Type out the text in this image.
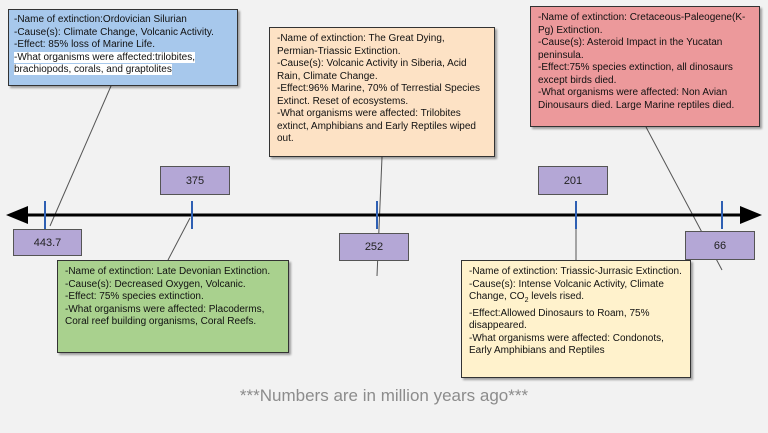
443.7
375
252
201
66
-Name of extinction:Ordovician Silurian
-Cause(s): Climate Change, Volcanic Activity.
-Effect: 85% loss of Marine Life.
-What organisms were affected:trilobites, brachiopods, corals, and graptolites
-Name of extinction: The Great Dying, Permian-Triassic Extinction.
-Cause(s): Volcanic Activity in Siberia, Acid Rain, Climate Change.
-Effect:96% Marine, 70% of Terrestial Species Extinct. Reset of ecosystems.
-What organisms were affected: Trilobites extinct, Amphibians and Early Reptiles wiped out.
-Name of extinction: Cretaceous-Paleogene(K-Pg) Extinction.
-Cause(s): Asteroid Impact in the Yucatan peninsula.
-Effect:75% species extinction, all dinosaurs except birds died.
-What organisms were affected: Non Avian Dinousaurs died. Large Marine reptiles died.
-Name of extinction: Late Devonian Extinction.
-Cause(s): Decreased Oxygen, Volcanic.
-Effect: 75% species extinction.
-What organisms were affected: Placoderms, Coral reef building organisms, Coral Reefs.
-Name of extinction: Triassic-Jurrasic Extinction.
-Cause(s): Intense Volcanic Activity, Climate Change, $CO_2$ levels rised.
-Effect:Allowed Dinosaurs to Roam, 75% disappeared.
-What organisms were affected: Condonots, Early Amphibians and Reptiles
***Numbers are in million years ago***
